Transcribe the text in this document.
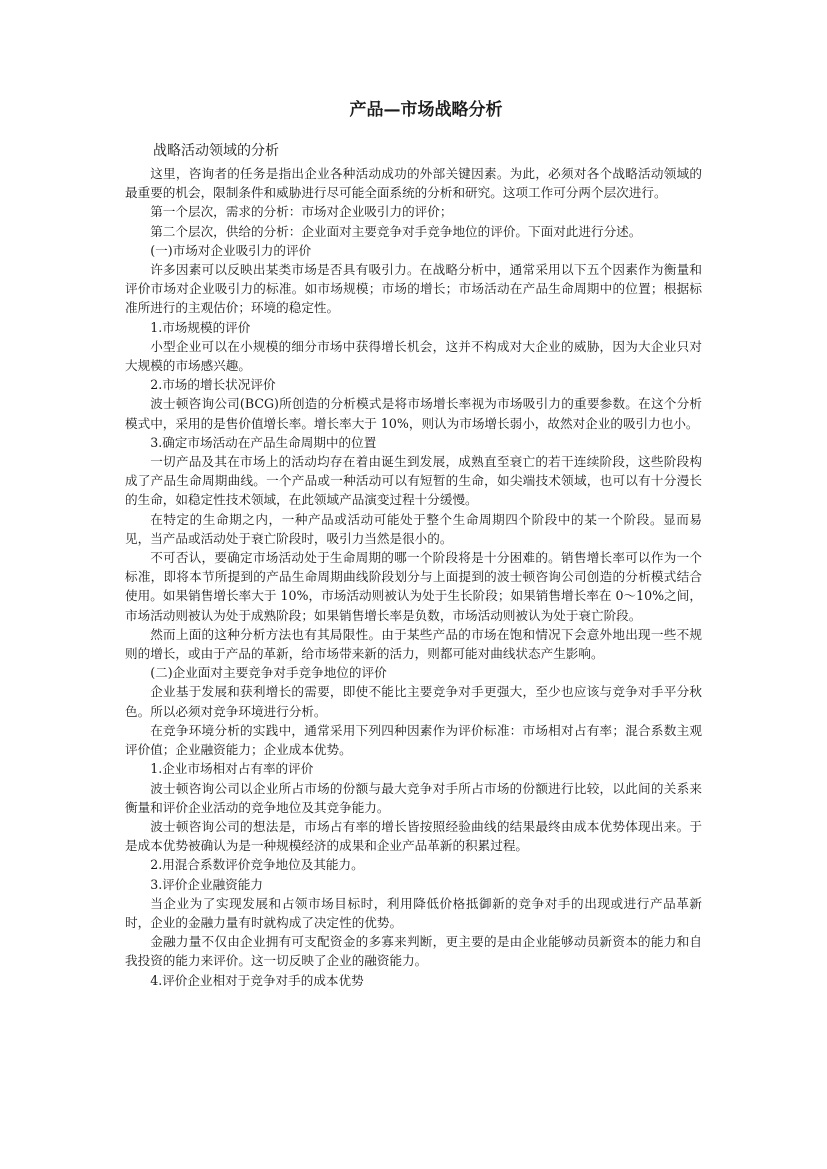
产品—市场战略分析
战略活动领域的分析

这里，咨询者的任务是指出企业各种活动成功的外部关键因素。为此，必须对各个战略活动领域的最重要的机会，限制条件和威胁进行尽可能全面系统的分析和研究。这项工作可分两个层次进行。

第一个层次，需求的分析：市场对企业吸引力的评价；

第二个层次，供给的分析：企业面对主要竞争对手竞争地位的评价。下面对此进行分述。

(一)市场对企业吸引力的评价

许多因素可以反映出某类市场是否具有吸引力。在战略分析中，通常采用以下五个因素作为衡量和评价市场对企业吸引力的标准。如市场规模；市场的增长；市场活动在产品生命周期中的位置；根据标准所进行的主观估价；环境的稳定性。

1.市场规模的评价

小型企业可以在小规模的细分市场中获得增长机会，这并不构成对大企业的威胁，因为大企业只对大规模的市场感兴趣。

2.市场的增长状况评价

波士顿咨询公司(BCG)所创造的分析模式是将市场增长率视为市场吸引力的重要参数。在这个分析模式中，采用的是售价值增长率。增长率大于 10%，则认为市场增长弱小，故然对企业的吸引力也小。

3.确定市场活动在产品生命周期中的位置

一切产品及其在市场上的活动均存在着由诞生到发展，成熟直至衰亡的若干连续阶段，这些阶段构成了产品生命周期曲线。一个产品或一种活动可以有短暂的生命，如尖端技术领域，也可以有十分漫长的生命，如稳定性技术领域，在此领域产品演变过程十分缓慢。

在特定的生命期之内，一种产品或活动可能处于整个生命周期四个阶段中的某一个阶段。显而易见，当产品或活动处于衰亡阶段时，吸引力当然是很小的。

不可否认，要确定市场活动处于生命周期的哪一个阶段将是十分困难的。销售增长率可以作为一个标准，即将本节所提到的产品生命周期曲线阶段划分与上面提到的波士顿咨询公司创造的分析模式结合使用。如果销售增长率大于 10%，市场活动则被认为处于生长阶段；如果销售增长率在 0～10%之间，市场活动则被认为处于成熟阶段；如果销售增长率是负数，市场活动则被认为处于衰亡阶段。

然而上面的这种分析方法也有其局限性。由于某些产品的市场在饱和情况下会意外地出现一些不规则的增长，或由于产品的革新，给市场带来新的活力，则都可能对曲线状态产生影响。

(二)企业面对主要竞争对手竞争地位的评价

企业基于发展和获利增长的需要，即使不能比主要竞争对手更强大，至少也应该与竞争对手平分秋色。所以必须对竞争环境进行分析。

在竞争环境分析的实践中，通常采用下列四种因素作为评价标准：市场相对占有率；混合系数主观评价值；企业融资能力；企业成本优势。

1.企业市场相对占有率的评价

波士顿咨询公司以企业所占市场的份额与最大竞争对手所占市场的份额进行比较，以此间的关系来衡量和评价企业活动的竞争地位及其竞争能力。

波士顿咨询公司的想法是，市场占有率的增长皆按照经验曲线的结果最终由成本优势体现出来。于是成本优势被确认为是一种规模经济的成果和企业产品革新的积累过程。

2.用混合系数评价竞争地位及其能力。

3.评价企业融资能力

当企业为了实现发展和占领市场目标时，利用降低价格抵御新的竞争对手的出现或进行产品革新时，企业的金融力量有时就构成了决定性的优势。

金融力量不仅由企业拥有可支配资金的多寡来判断，更主要的是由企业能够动员新资本的能力和自我投资的能力来评价。这一切反映了企业的融资能力。

4.评价企业相对于竞争对手的成本优势
